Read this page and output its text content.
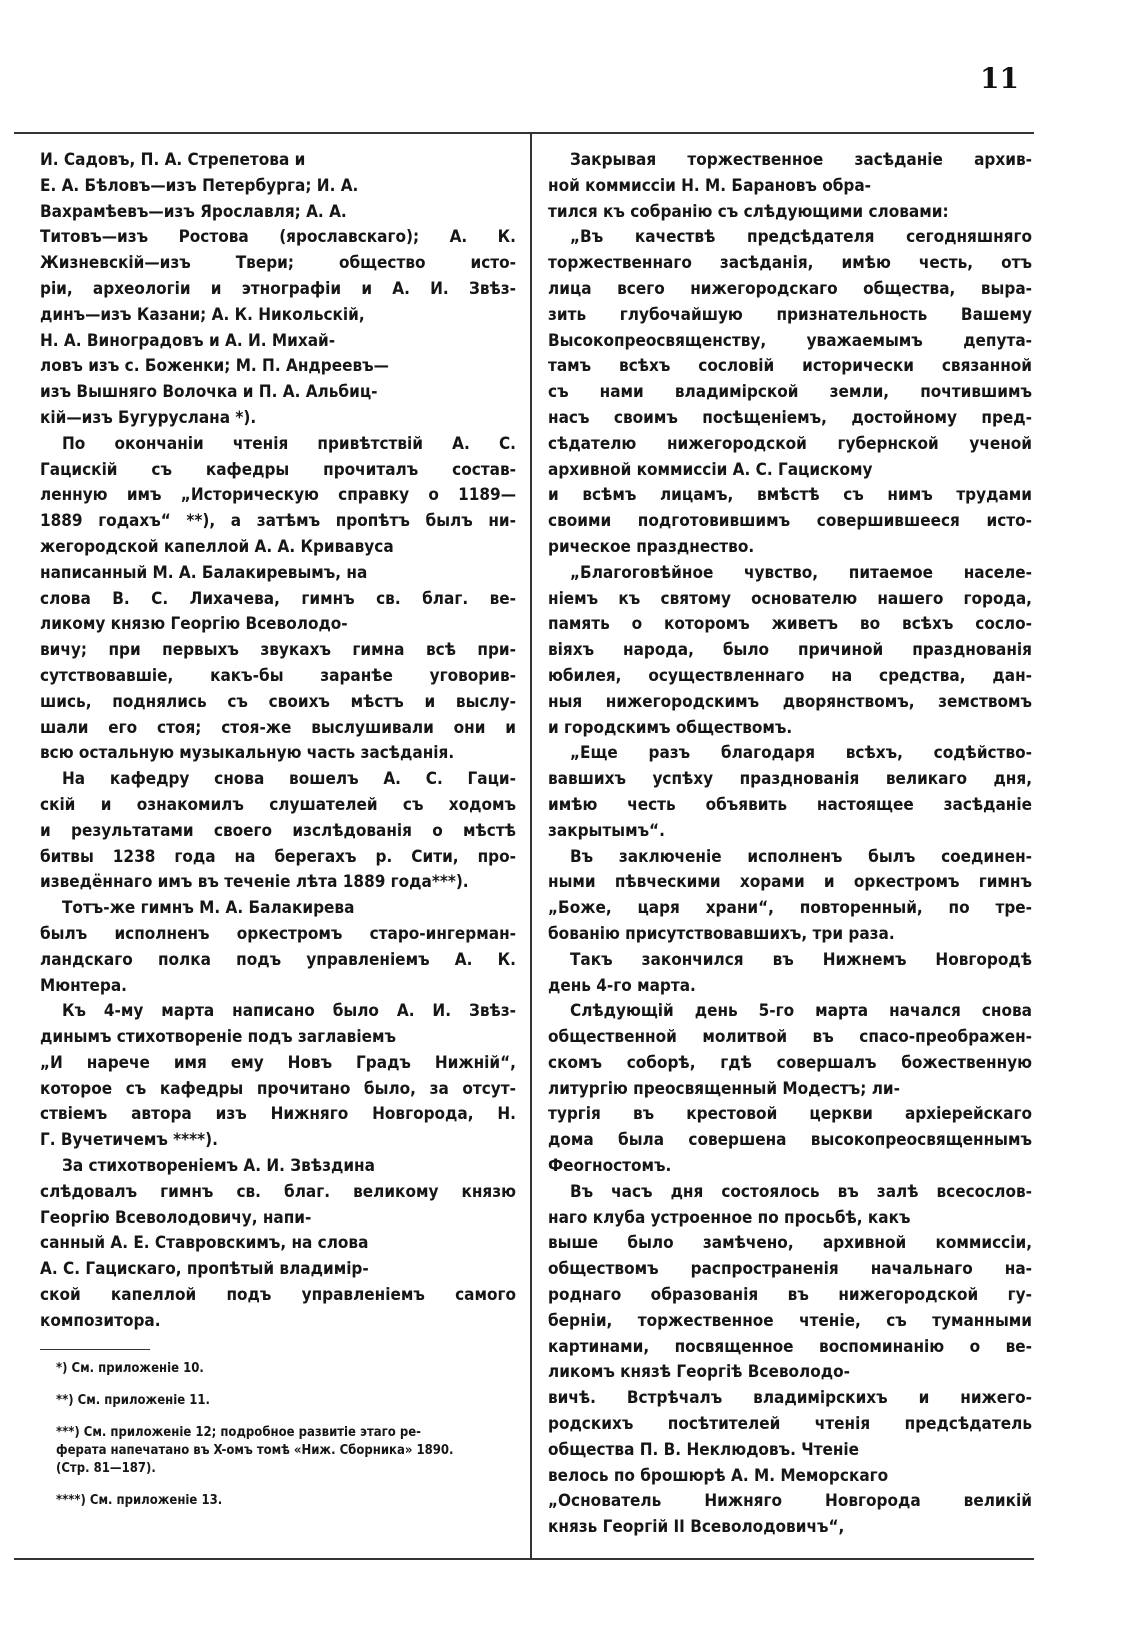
11
И. Садовъ, П. А. Стрепетова и
Е. А. Бѣловъ—изъ Петербурга; И. А.
Вахрамѣевъ—изъ Ярославля; А. А.
Титовъ—изъ Ростова (ярославскаго); А. К.
Жизневскій—изъ Твери; общество исто-
рiи, археологiи и этнографiи и А. И. Звѣз-
динъ—изъ Казани; А. К. Никольскій,
Н. А. Виноградовъ и А. И. Михай-
ловъ изъ с. Боженки; М. П. Андреевъ—
изъ Вышняго Волочка и П. А. Альбиц-
кій—изъ Бугуруслана *).
По окончанiи чтенія привѣтствій А. С.
Гацискій съ кафедры прочиталъ состав-
ленную имъ „Историческую справку о 1189—
1889 годахъ“ **), а затѣмъ пропѣтъ былъ ни-
жегородской капеллой А. А. Кривавуса
написанный М. А. Балакиревымъ, на
слова В. С. Лихачева, гимнъ св. благ. ве-
ликому князю Георгію Всеволодо-
вичу; при первыхъ звукахъ гимна всѣ при-
сутствовавшіе, какъ-бы заранѣе уговорив-
шись, поднялись съ своихъ мѣстъ и выслу-
шали его стоя; стоя-же выслушивали они и
всю остальную музыкальную часть засѣданія.
На кафедру снова вошелъ А. С. Гаци-
скій и ознакомилъ слушателей съ ходомъ
и результатами своего изслѣдованія о мѣстѣ
битвы 1238 года на берегахъ р. Сити, про-
изведённаго имъ въ теченіе лѣта 1889 года***).
Тотъ-же гимнъ М. А. Балакирева
былъ исполненъ оркестромъ старо-ингерман-
ландскаго полка подъ управленіемъ А. К.
Мюнтера.
Къ 4-му марта написано было А. И. Звѣз-
динымъ стихотвореніе подъ заглавіемъ
„И нарече имя ему Новъ Градъ Нижній“,
которое съ кафедры прочитано было, за отсут-
ствіемъ автора изъ Нижняго Новгорода, Н.
Г. Вучетичемъ ****).
За стихотвореніемъ А. И. Звѣздина
слѣдовалъ гимнъ св. благ. великому князю
Георгію Всеволодовичу, напи-
санный А. Е. Ставровскимъ, на слова
А. С. Гацискаго, пропѣтый владимір-
ской капеллой подъ управленіемъ самого
композитора.
*) См. приложеніе 10.
**) См. приложеніе 11.
***) См. приложеніе 12; подробное развитіе этаго ре-
ферата напечатано въ X-омъ томѣ «Ниж. Сборника» 1890.
(Стр. 81—187).
****) См. приложеніе 13.
Закрывая торжественное засѣданіе архив-
ной коммиссіи Н. М. Барановъ обра-
тился къ собранію съ слѣдующими словами:
„Въ качествѣ предсѣдателя сегодняшняго
торжественнаго засѣданія, имѣю честь, отъ
лица всего нижегородскаго общества, выра-
зить глубочайшую признательность Вашему
Высокопреосвященству, уважаемымъ депута-
тамъ всѣхъ сословій исторически связанной
съ нами владимірской земли, почтившимъ
насъ своимъ посѣщеніемъ, достойному пред-
сѣдателю нижегородской губернской ученой
архивной коммиссіи А. С. Гацискому
и всѣмъ лицамъ, вмѣстѣ съ нимъ трудами
своими подготовившимъ совершившееся исто-
рическое празднество.
„Благоговѣйное чувство, питаемое населе-
ніемъ къ святому основателю нашего города,
память о которомъ живетъ во всѣхъ сосло-
віяхъ народа, было причиной празднованія
юбилея, осуществленнаго на средства, дан-
ныя нижегородскимъ дворянствомъ, земствомъ
и городскимъ обществомъ.
„Еще разъ благодаря всѣхъ, содѣйство-
вавшихъ успѣху празднованія великаго дня,
имѣю честь объявить настоящее засѣданіе
закрытымъ“.
Въ заключеніе исполненъ былъ соединен-
ными пѣвческими хорами и оркестромъ гимнъ
„Боже, царя храни“, повторенный, по тре-
бованію присутствовавшихъ, три раза.
Такъ закончился въ Нижнемъ Новгородѣ
день 4-го марта.
Слѣдующій день 5-го марта начался снова
общественной молитвой въ спасо-преображен-
скомъ соборѣ, гдѣ совершалъ божественную
литургію преосвященный Модестъ; ли-
тургія въ крестовой церкви архіерейскаго
дома была совершена высокопреосвященнымъ
Феогностомъ.
Въ часъ дня состоялось въ залѣ всесослов-
наго клуба устроенное по просьбѣ, какъ
выше было замѣчено, архивной коммиссіи,
обществомъ распространенія начальнаго на-
роднаго образованія въ нижегородской гу-
берніи, торжественное чтеніе, съ туманными
картинами, посвященное воспоминанію о ве-
ликомъ князѣ Георгіѣ Всеволодо-
вичѣ. Встрѣчалъ владимірскихъ и нижего-
родскихъ посѣтителей чтенія предсѣдатель
общества П. В. Неклюдовъ. Чтеніе
велось по брошюрѣ А. М. Меморскаго
„Основатель Нижняго Новгорода великій
князь Георгій II Всеволодовичъ“,
